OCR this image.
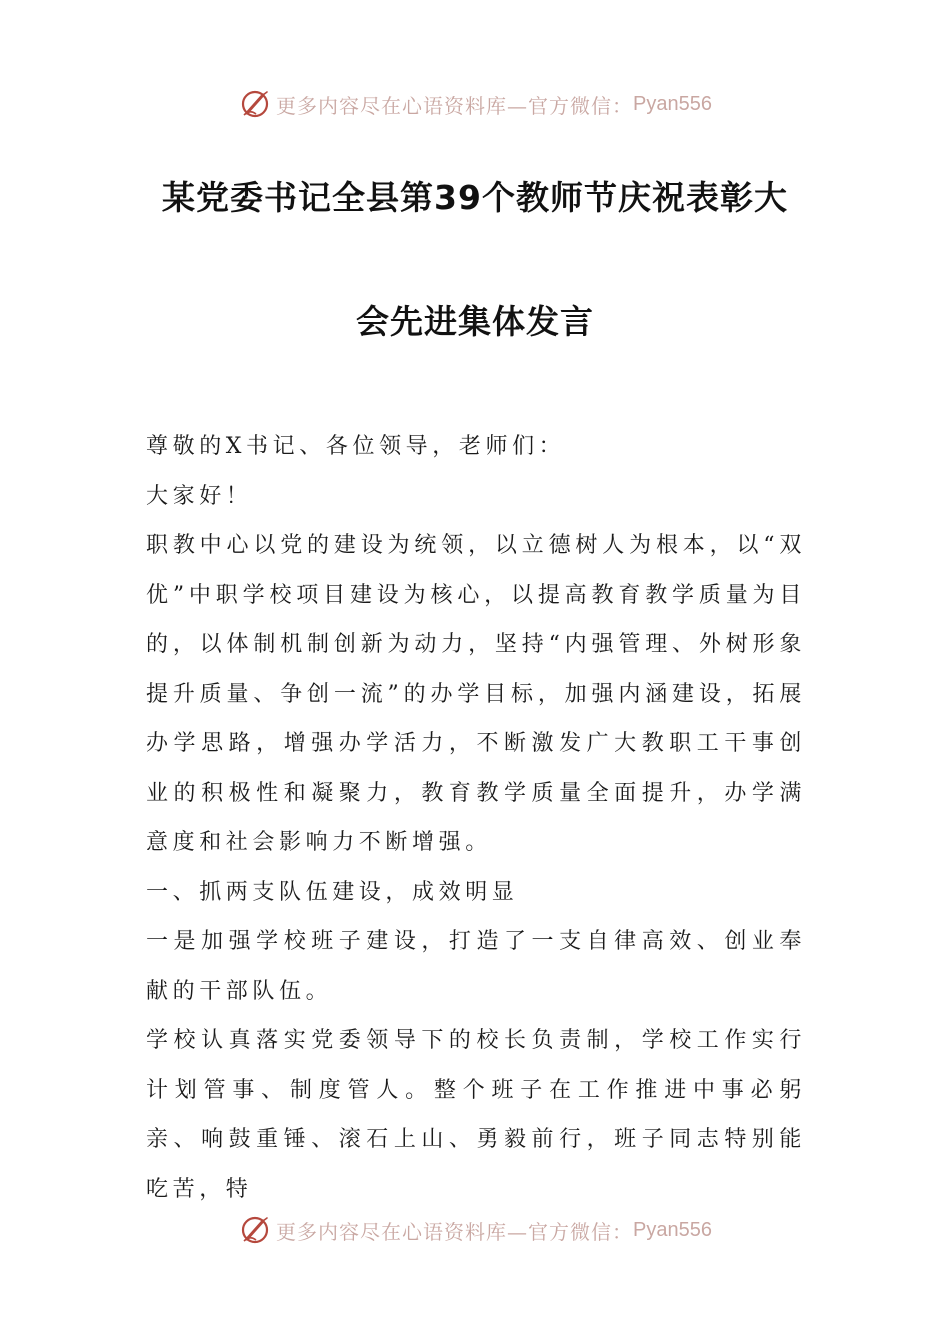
更多内容尽在心语资料库—官方微信： Pyan556
某党委书记全县第39个教师节庆祝表彰大
会先进集体发言

尊敬的X书记、各位领导，老师们：

大家好！

职教中心以党的建设为统领，以立德树人为根本，以“双优”中职学校项目建设为核心，以提高教育教学质量为目的，以体制机制创新为动力，坚持“内强管理、外树形象提升质量、争创一流”的办学目标，加强内涵建设，拓展办学思路，增强办学活力，不断激发广大教职工干事创业的积极性和凝聚力，教育教学质量全面提升，办学满意度和社会影响力不断增强。

一、抓两支队伍建设，成效明显

一是加强学校班子建设，打造了一支自律高效、创业奉献的干部队伍。

学校认真落实党委领导下的校长负责制，学校工作实行计划管事、制度管人。整个班子在工作推进中事必躬亲、响鼓重锤、滚石上山、勇毅前行，班子同志特别能吃苦，特

更多内容尽在心语资料库—官方微信： Pyan556
